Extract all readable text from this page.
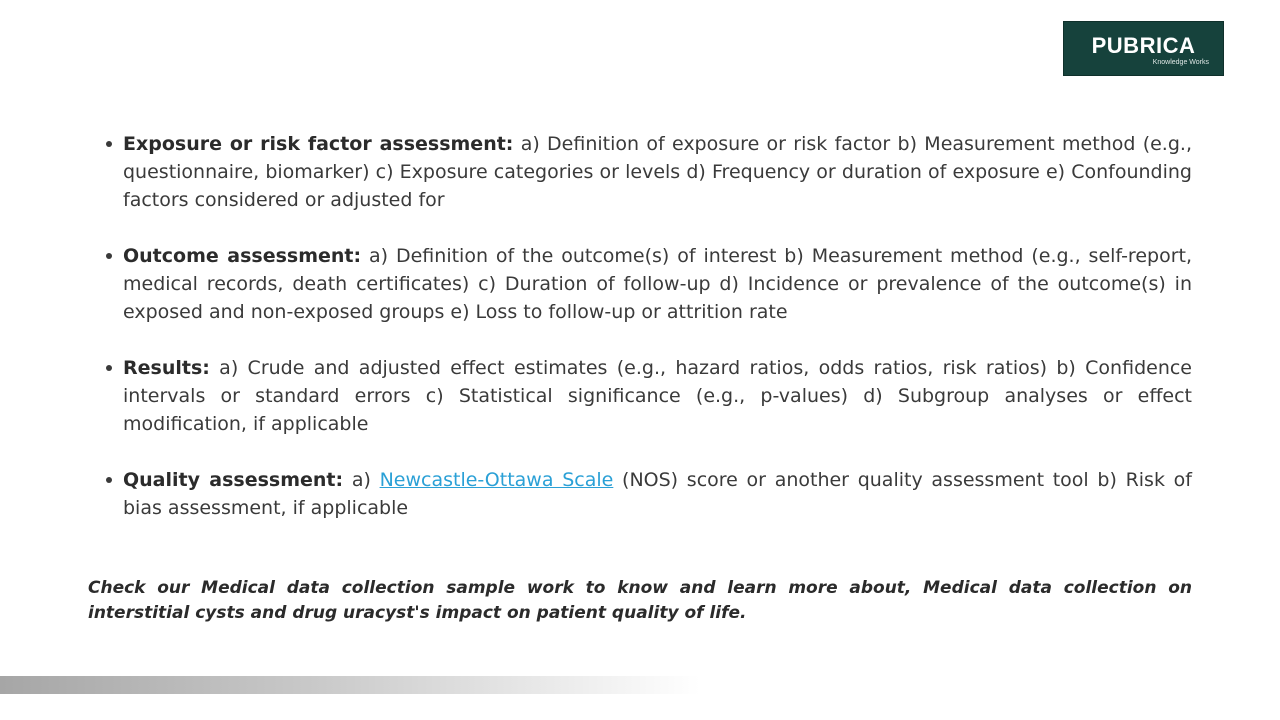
PUBRICA
Knowledge Works
Exposure or risk factor assessment: a) Definition of exposure or risk factor b) Measurement method (e.g., questionnaire, biomarker) c) Exposure categories or levels d) Frequency or duration of exposure e) Confounding factors considered or adjusted for
Outcome assessment: a) Definition of the outcome(s) of interest b) Measurement method (e.g., self-report, medical records, death certificates) c) Duration of follow-up d) Incidence or prevalence of the outcome(s) in exposed and non-exposed groups e) Loss to follow-up or attrition rate
Results: a) Crude and adjusted effect estimates (e.g., hazard ratios, odds ratios, risk ratios) b) Confidence intervals or standard errors c) Statistical significance (e.g., p-values) d) Subgroup analyses or effect modification, if applicable
Quality assessment: a) Newcastle-Ottawa Scale (NOS) score or another quality assessment tool b) Risk of bias assessment, if applicable
Check our Medical data collection sample work to know and learn more about, Medical data collection on interstitial cysts and drug uracyst's impact on patient quality of life.
